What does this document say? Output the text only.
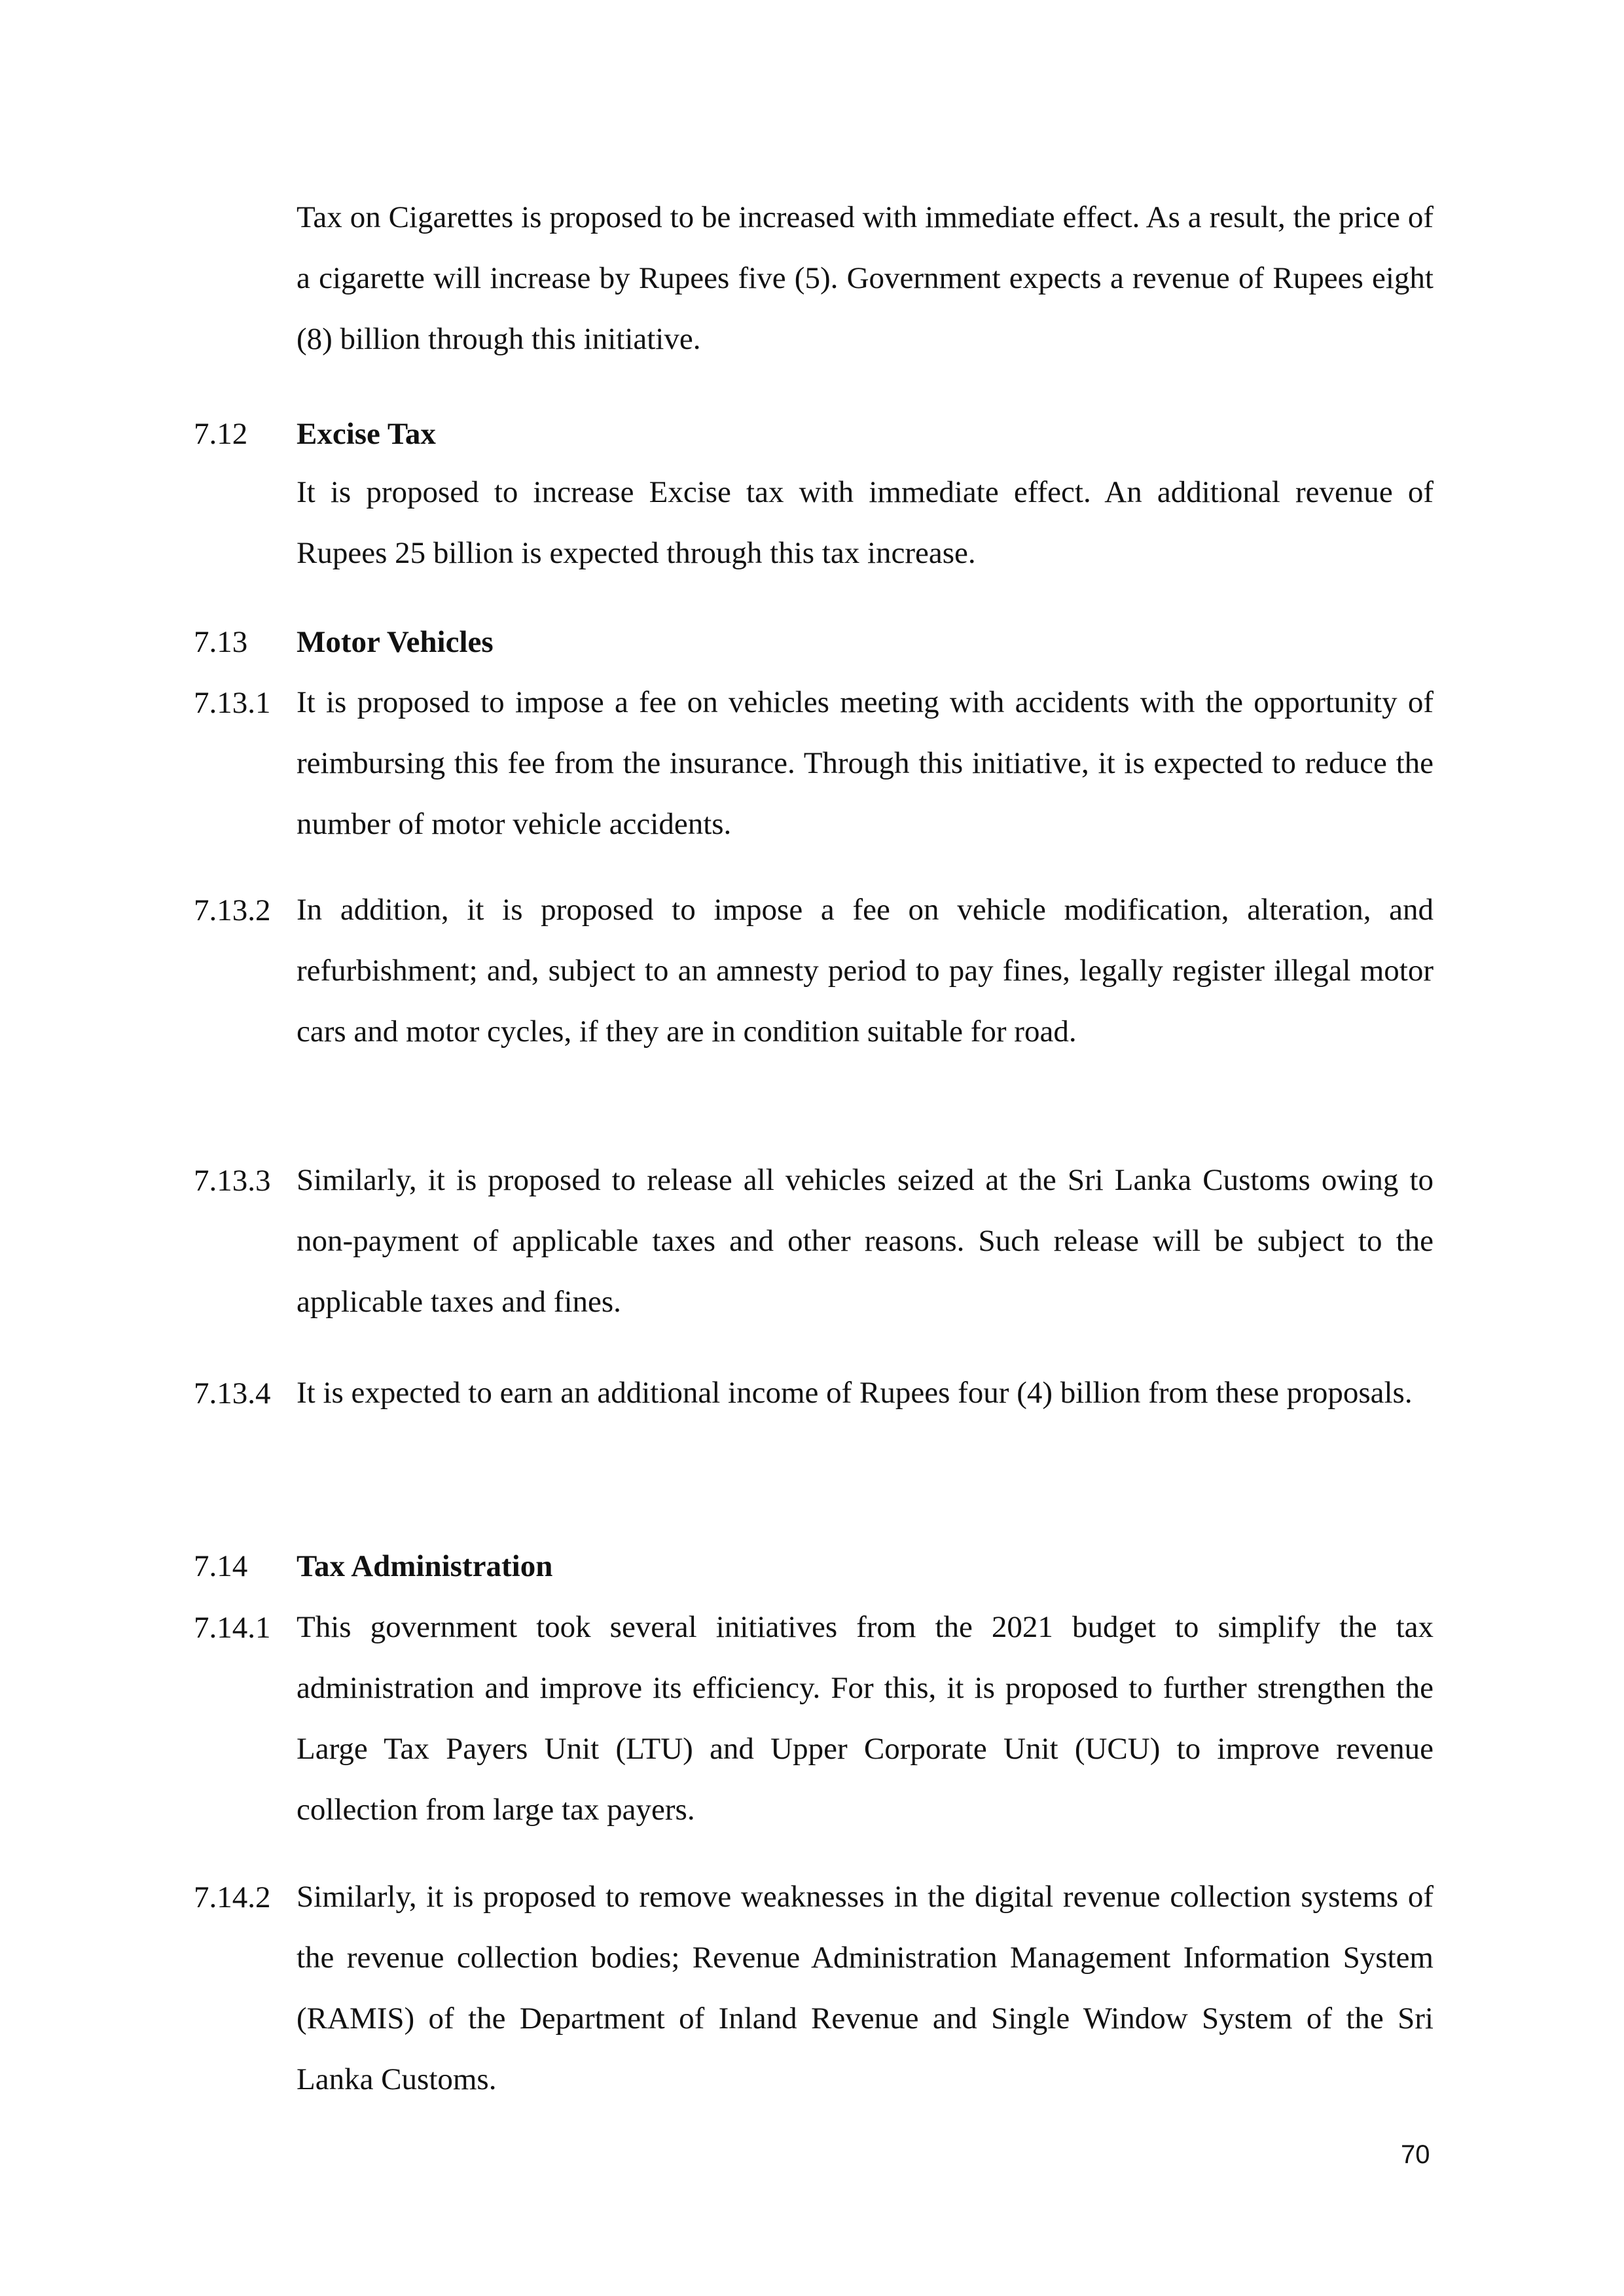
Tax on Cigarettes is proposed to be increased with immediate effect. As a result, the price of a cigarette will increase by Rupees five (5). Government expects a revenue of Rupees eight (8) billion through this initiative.
7.12	Excise Tax
It is proposed to increase Excise tax with immediate effect. An additional revenue of Rupees 25 billion is expected through this tax increase.
7.13	Motor Vehicles
7.13.1 It is proposed to impose a fee on vehicles meeting with accidents with the opportunity of reimbursing this fee from the insurance. Through this initiative, it is expected to reduce the number of motor vehicle accidents.
7.13.2 In addition, it is proposed to impose a fee on vehicle modification, alteration, and refurbishment; and, subject to an amnesty period to pay fines, legally register illegal motor cars and motor cycles, if they are in condition suitable for road.
7.13.3 Similarly, it is proposed to release all vehicles seized at the Sri Lanka Customs owing to non-payment of applicable taxes and other reasons. Such release will be subject to the applicable taxes and fines.
7.13.4 It is expected to earn an additional income of Rupees four (4) billion from these proposals.
7.14	Tax Administration
7.14.1 This government took several initiatives from the 2021 budget to simplify the tax administration and improve its efficiency. For this, it is proposed to further strengthen the Large Tax Payers Unit (LTU) and Upper Corporate Unit (UCU) to improve revenue collection from large tax payers.
7.14.2 Similarly, it is proposed to remove weaknesses in the digital revenue collection systems of the revenue collection bodies; Revenue Administration Management Information System (RAMIS) of the Department of Inland Revenue and Single Window System of the Sri Lanka Customs.
70
